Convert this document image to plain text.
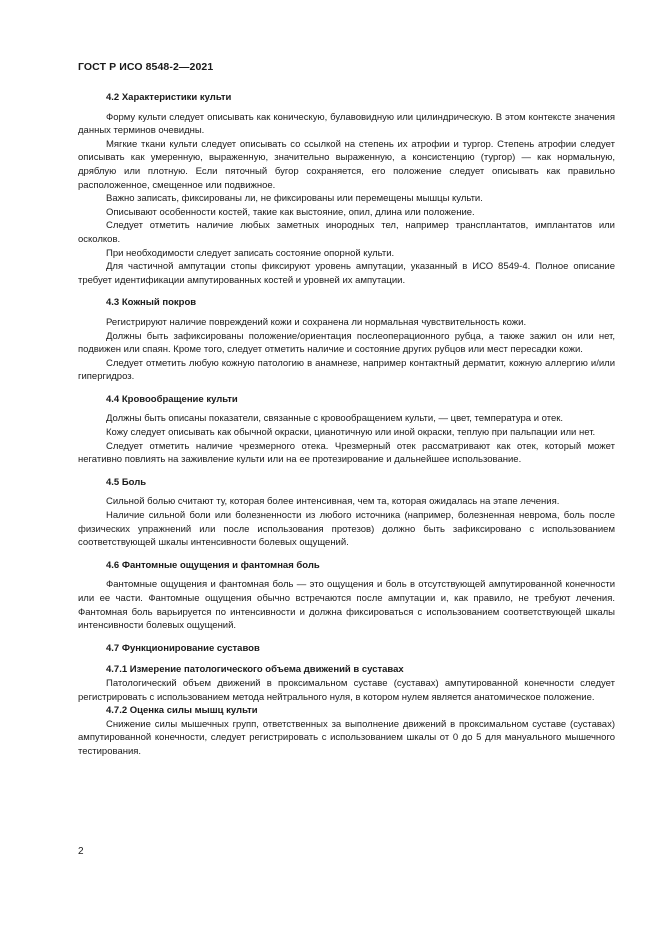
ГОСТ Р ИСО 8548-2—2021
4.2 Характеристики культи

Форму культи следует описывать как коническую, булавовидную или цилиндрическую. В этом контексте значения данных терминов очевидны.

Мягкие ткани культи следует описывать со ссылкой на степень их атрофии и тургор. Степень атрофии следует описывать как умеренную, выраженную, значительно выраженную, а консистенцию (тургор) — как нормальную, дряблую или плотную. Если пяточный бугор сохраняется, его положение следует описывать как правильно расположенное, смещенное или подвижное.

Важно записать, фиксированы ли, не фиксированы или перемещены мышцы культи.

Описывают особенности костей, такие как выстояние, опил, длина или положение.

Следует отметить наличие любых заметных инородных тел, например трансплантатов, имплантатов или осколков.

При необходимости следует записать состояние опорной культи.

Для частичной ампутации стопы фиксируют уровень ампутации, указанный в ИСО 8549-4. Полное описание требует идентификации ампутированных костей и уровней их ампутации.

4.3 Кожный покров

Регистрируют наличие повреждений кожи и сохранена ли нормальная чувствительность кожи.

Должны быть зафиксированы положение/ориентация послеоперационного рубца, а также зажил он или нет, подвижен или спаян. Кроме того, следует отметить наличие и состояние других рубцов или мест пересадки кожи.

Следует отметить любую кожную патологию в анамнезе, например контактный дерматит, кожную аллергию и/или гипергидроз.

4.4 Кровообращение культи

Должны быть описаны показатели, связанные с кровообращением культи, — цвет, температура и отек.

Кожу следует описывать как обычной окраски, цианотичную или иной окраски, теплую при пальпации или нет.

Следует отметить наличие чрезмерного отека. Чрезмерный отек рассматривают как отек, который может негативно повлиять на заживление культи или на ее протезирование и дальнейшее использование.

4.5 Боль

Сильной болью считают ту, которая более интенсивная, чем та, которая ожидалась на этапе лечения.

Наличие сильной боли или болезненности из любого источника (например, болезненная неврома, боль после физических упражнений или после использования протезов) должно быть зафиксировано с использованием соответствующей шкалы интенсивности болевых ощущений.

4.6 Фантомные ощущения и фантомная боль

Фантомные ощущения и фантомная боль — это ощущения и боль в отсутствующей ампутированной конечности или ее части. Фантомные ощущения обычно встречаются после ампутации и, как правило, не требуют лечения. Фантомная боль варьируется по интенсивности и должна фиксироваться с использованием соответствующей шкалы интенсивности болевых ощущений.

4.7 Функционирование суставов
4.7.1 Измерение патологического объема движений в суставах

Патологический объем движений в проксимальном суставе (суставах) ампутированной конечности следует регистрировать с использованием метода нейтрального нуля, в котором нулем является анатомическое положение.

4.7.2 Оценка силы мышц культи

Снижение силы мышечных групп, ответственных за выполнение движений в проксимальном суставе (суставах) ампутированной конечности, следует регистрировать с использованием шкалы от 0 до 5 для мануального мышечного тестирования.

2
